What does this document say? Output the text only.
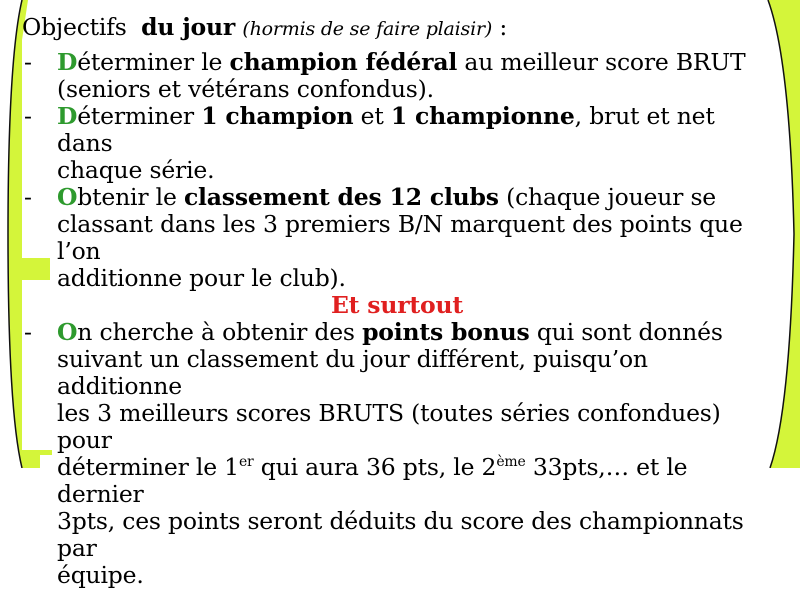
Objectifs du jour (hormis de se faire plaisir) :
- Déterminer le champion fédéral au meilleur score BRUT
(seniors et vétérans confondus).
- Déterminer 1 champion et 1 championne, brut et net dans
chaque série.
- Obtenir le classement des 12 clubs (chaque joueur se
classant dans les 3 premiers B/N marquent des points que l’on
additionne pour le club).
Et surtout
- On cherche à obtenir des points bonus qui sont donnés
suivant un classement du jour différent, puisqu’on additionne
les 3 meilleurs scores BRUTS (toutes séries confondues) pour
déterminer le 1er qui aura 36 pts, le 2ème 33pts,… et le dernier
3pts, ces points seront déduits du score des championnats par
équipe.
